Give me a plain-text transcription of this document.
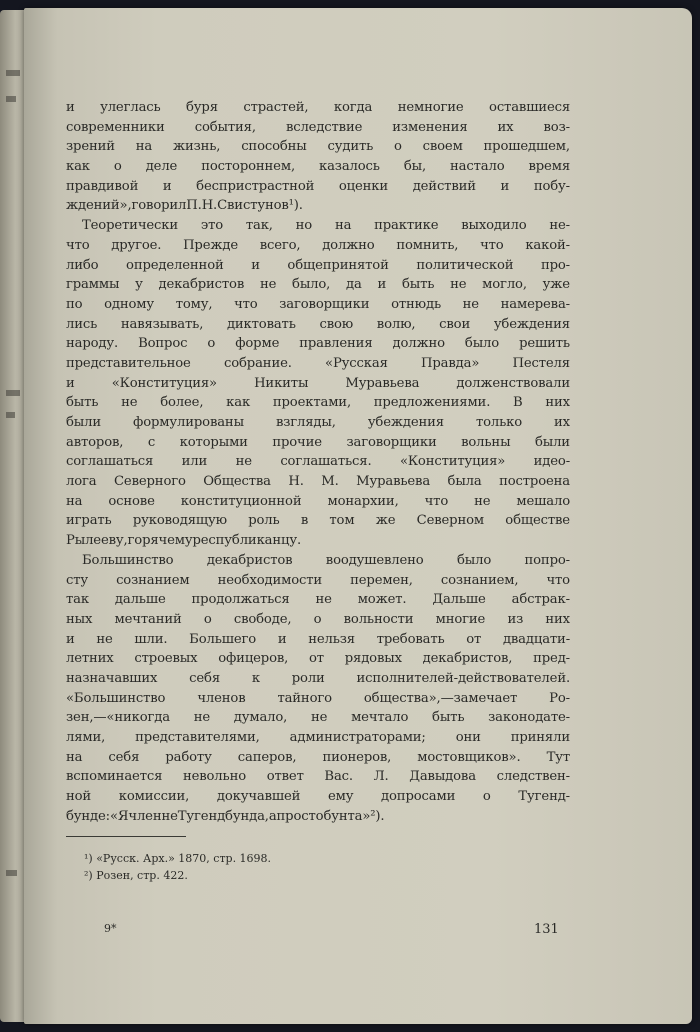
и улеглась буря страстей, когда немногие оставшиеся
современники события, вследствие изменения их воз-
зрений на жизнь, способны судить о своем прошедшем,
как о деле постороннем, казалось бы, настало время
правдивой и беспристрастной оценки действий и побу-
ждений», говорил П. Н. Свистунов ¹).
Теоретически это так, но на практике выходило не-
что другое. Прежде всего, должно помнить, что какой-
либо определенной и общепринятой политической про-
граммы у декабристов не было, да и быть не могло, уже
по одному тому, что заговорщики отнюдь не намерева-
лись навязывать, диктовать свою волю, свои убеждения
народу. Вопрос о форме правления должно было решить
представительное	собрание.	«Русская	Правда»	Пестеля
и	«Конституция»	Никиты	Муравьева	долженствовали
быть не более, как проектами, предложениями. В них
были формулированы взгляды, убеждения только их
авторов, с которыми прочие заговорщики вольны были
соглашаться или не соглашаться. «Конституция» идео-
лога Северного Общества Н. М. Муравьева была построена
на основе конституционной монархии, что не мешало
играть руководящую роль в том же Северном обществе
Рылееву, горячему республиканцу.
Большинство	декабристов	воодушевлено	было	попро-
сту сознанием необходимости перемен, сознанием, что
так дальше продолжаться не может. Дальше абстрак-
ных мечтаний о свободе, о вольности многие из них
и не шли. Большего и нельзя требовать от двадцати-
летних строевых офицеров, от рядовых декабристов, пред-
назначавших себя к роли исполнителей-действователей.
«Большинство членов тайного общества»,—замечает Ро-
зен,—«никогда не думало, не мечтало быть законодате-
лями, представителями, администраторами; они приняли
на себя работу саперов, пионеров, мостовщиков». Тут
вспоминается невольно ответ Вас. Л. Давыдова следствен-
ной комиссии, докучавшей ему допросами о Тугенд-
бунде: «Я член не Тугендбунда, а просто бунта» ²).
¹) «Русск. Арх.» 1870, стр. 1698.
²) Розен, стр. 422.
9*	131
